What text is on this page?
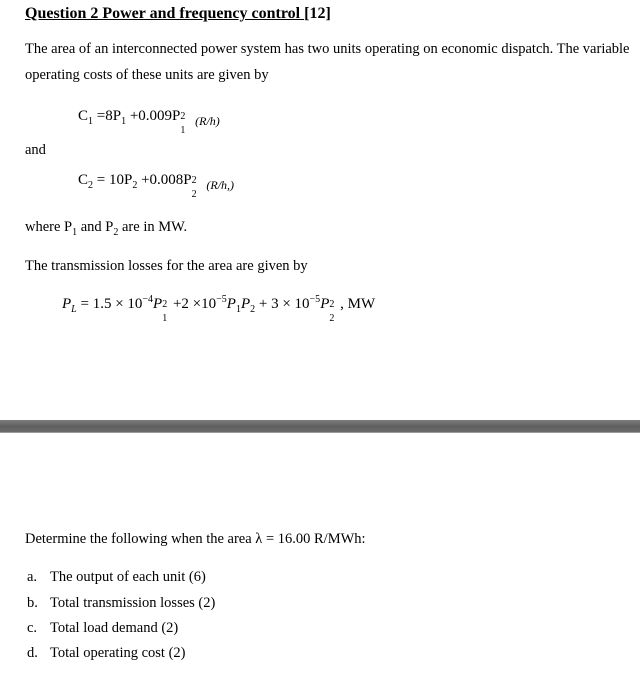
Question 2 Power and frequency control [12]
The area of an interconnected power system has two units operating on economic dispatch. The variable
operating costs of these units are given by
$C_1 =8P_1 +0.009P$ 2
1
$_{(R/h)}$
and
$C_2 = 10P_2 +0.008P$ 2
2
$_{(R/h,)}$
where $P_1$ and $P_2$ are in MW.
The transmission losses for the area are given by
$P_L = 1.5 \times 10^{-4}P$ 2
1
$+2 \times 10^{-5}P_1P_2 + 3 \times 10^{-5}P$ 2
2
, MW
Determine the following when the area λ = 16.00 R/MWh:
a. The output of each unit (6)
b. Total transmission losses (2)
c. Total load demand (2)
d. Total operating cost (2)
